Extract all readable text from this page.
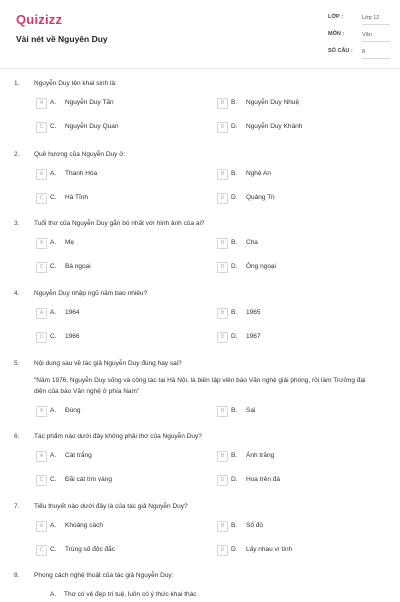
Quizizz
Vài nét về Nguyên Duy
LỚP :	Lớp 12
MÔN :	Văn
SỐ CÂU : 8
1. Nguyễn Duy tên khai sinh là:
A	A. Nguyễn Duy Tấn	B	B. Nguyễn Duy Nhuệ
C	C. Nguyễn Duy Quan	D	D. Nguyễn Duy Khánh
2. Quê hương của Nguyễn Duy ở:
A	A. Thanh Hóa	B	B. Nghệ An
C	C. Hà Tĩnh	D	D. Quảng Trị
3. Tuổi thơ của Nguyễn Duy gắn bó nhất với hình ảnh của ai?
A	A. Mẹ	B	B. Cha
C	C. Bà ngoại	D	D. Ông ngoại
4. Nguyễn Duy nhập ngũ năm bao nhiêu?
A	A. 1964	B	B. 1965
C	C. 1966	D	D. 1967
5. Nội dung sau về tác giả Nguyễn Duy đúng hay sai?
"Năm 1976, Nguyễn Duy sống và công tác tại Hà Nội, là biên tập viên báo Văn nghệ giải phóng, rồi làm Trưởng đại diện của báo Văn nghệ ở phía Nam"
A	A. Đúng	B	B. Sai
6. Tác phẩm nào dưới đây không phải thơ của Nguyễn Duy?
A	A. Cát trắng	B	B. Ánh trăng
C	C. Đãi cát tìm vàng	D	D. Hoa trên đá
7. Tiểu thuyết nào dưới đây là của tác giả Nguyễn Duy?
A	A. Khoảng cách	B	B. Sổ đỏ
C	C. Trùng số độc đắc	D	D. Lấy nhau vì tình
8. Phong cách nghệ thuật của tác giả Nguyễn Duy:
A. Thơ có vẻ đẹp trí tuệ, luôn có ý thức khai thác
